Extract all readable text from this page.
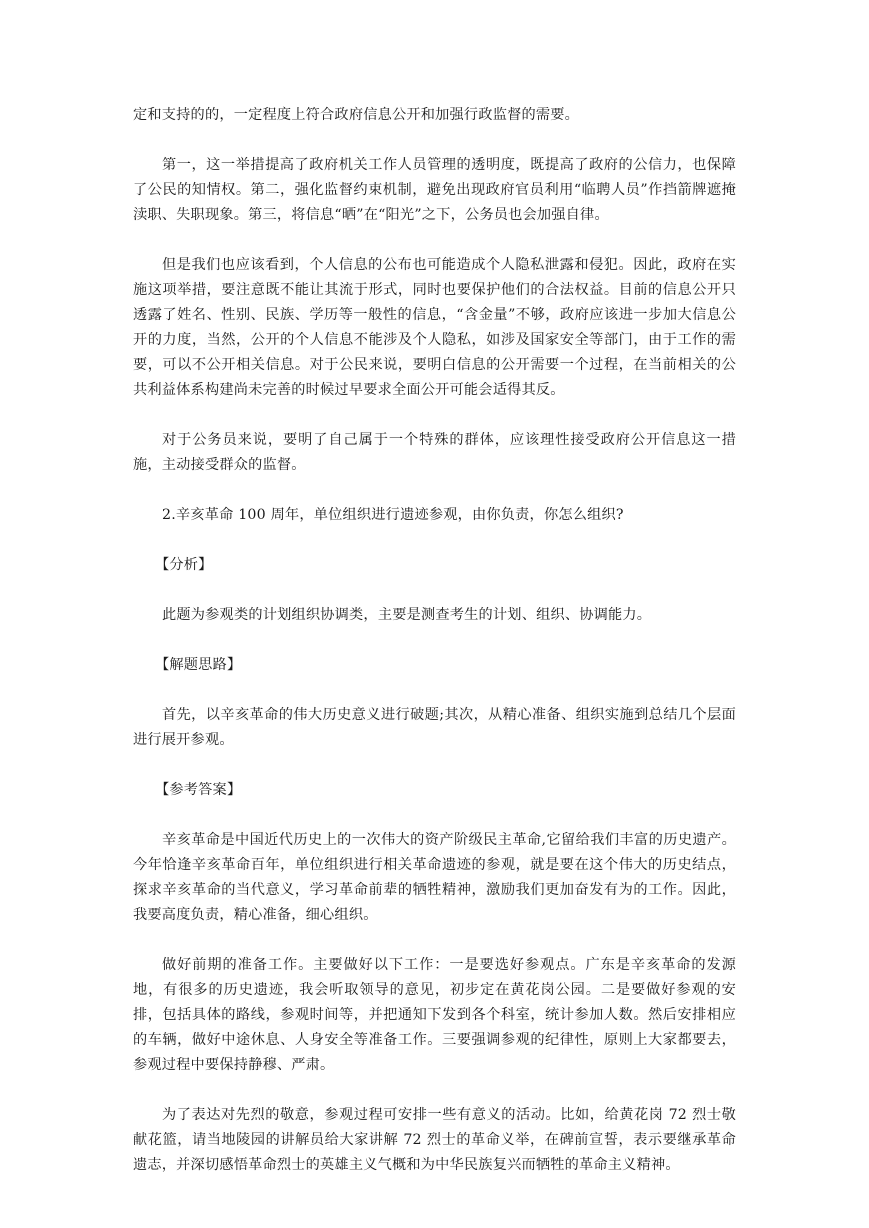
定和支持的的，一定程度上符合政府信息公开和加强行政监督的需要。

第一，这一举措提高了政府机关工作人员管理的透明度，既提高了政府的公信力，也保障了公民的知情权。第二，强化监督约束机制，避免出现政府官员利用“临聘人员”作挡箭牌遮掩渎职、失职现象。第三，将信息“晒”在“阳光”之下，公务员也会加强自律。

但是我们也应该看到，个人信息的公布也可能造成个人隐私泄露和侵犯。因此，政府在实施这项举措，要注意既不能让其流于形式，同时也要保护他们的合法权益。目前的信息公开只透露了姓名、性别、民族、学历等一般性的信息，“含金量”不够，政府应该进一步加大信息公开的力度，当然，公开的个人信息不能涉及个人隐私，如涉及国家安全等部门，由于工作的需要，可以不公开相关信息。对于公民来说，要明白信息的公开需要一个过程，在当前相关的公共利益体系构建尚未完善的时候过早要求全面公开可能会适得其反。

对于公务员来说，要明了自己属于一个特殊的群体，应该理性接受政府公开信息这一措施，主动接受群众的监督。

2.辛亥革命 100 周年，单位组织进行遗迹参观，由你负责，你怎么组织?

【分析】

此题为参观类的计划组织协调类，主要是测查考生的计划、组织、协调能力。

【解题思路】

首先，以辛亥革命的伟大历史意义进行破题;其次，从精心准备、组织实施到总结几个层面进行展开参观。

【参考答案】

辛亥革命是中国近代历史上的一次伟大的资产阶级民主革命,它留给我们丰富的历史遗产。今年恰逢辛亥革命百年，单位组织进行相关革命遗迹的参观，就是要在这个伟大的历史结点，探求辛亥革命的当代意义，学习革命前辈的牺牲精神，激励我们更加奋发有为的工作。因此，我要高度负责，精心准备，细心组织。

做好前期的准备工作。主要做好以下工作：一是要选好参观点。广东是辛亥革命的发源地，有很多的历史遗迹，我会听取领导的意见，初步定在黄花岗公园。二是要做好参观的安排，包括具体的路线，参观时间等，并把通知下发到各个科室，统计参加人数。然后安排相应的车辆，做好中途休息、人身安全等准备工作。三要强调参观的纪律性，原则上大家都要去，参观过程中要保持静穆、严肃。

为了表达对先烈的敬意，参观过程可安排一些有意义的活动。比如，给黄花岗 72 烈士敬献花篮，请当地陵园的讲解员给大家讲解 72 烈士的革命义举，在碑前宣誓，表示要继承革命遗志，并深切感悟革命烈士的英雄主义气概和为中华民族复兴而牺牲的革命主义精神。
